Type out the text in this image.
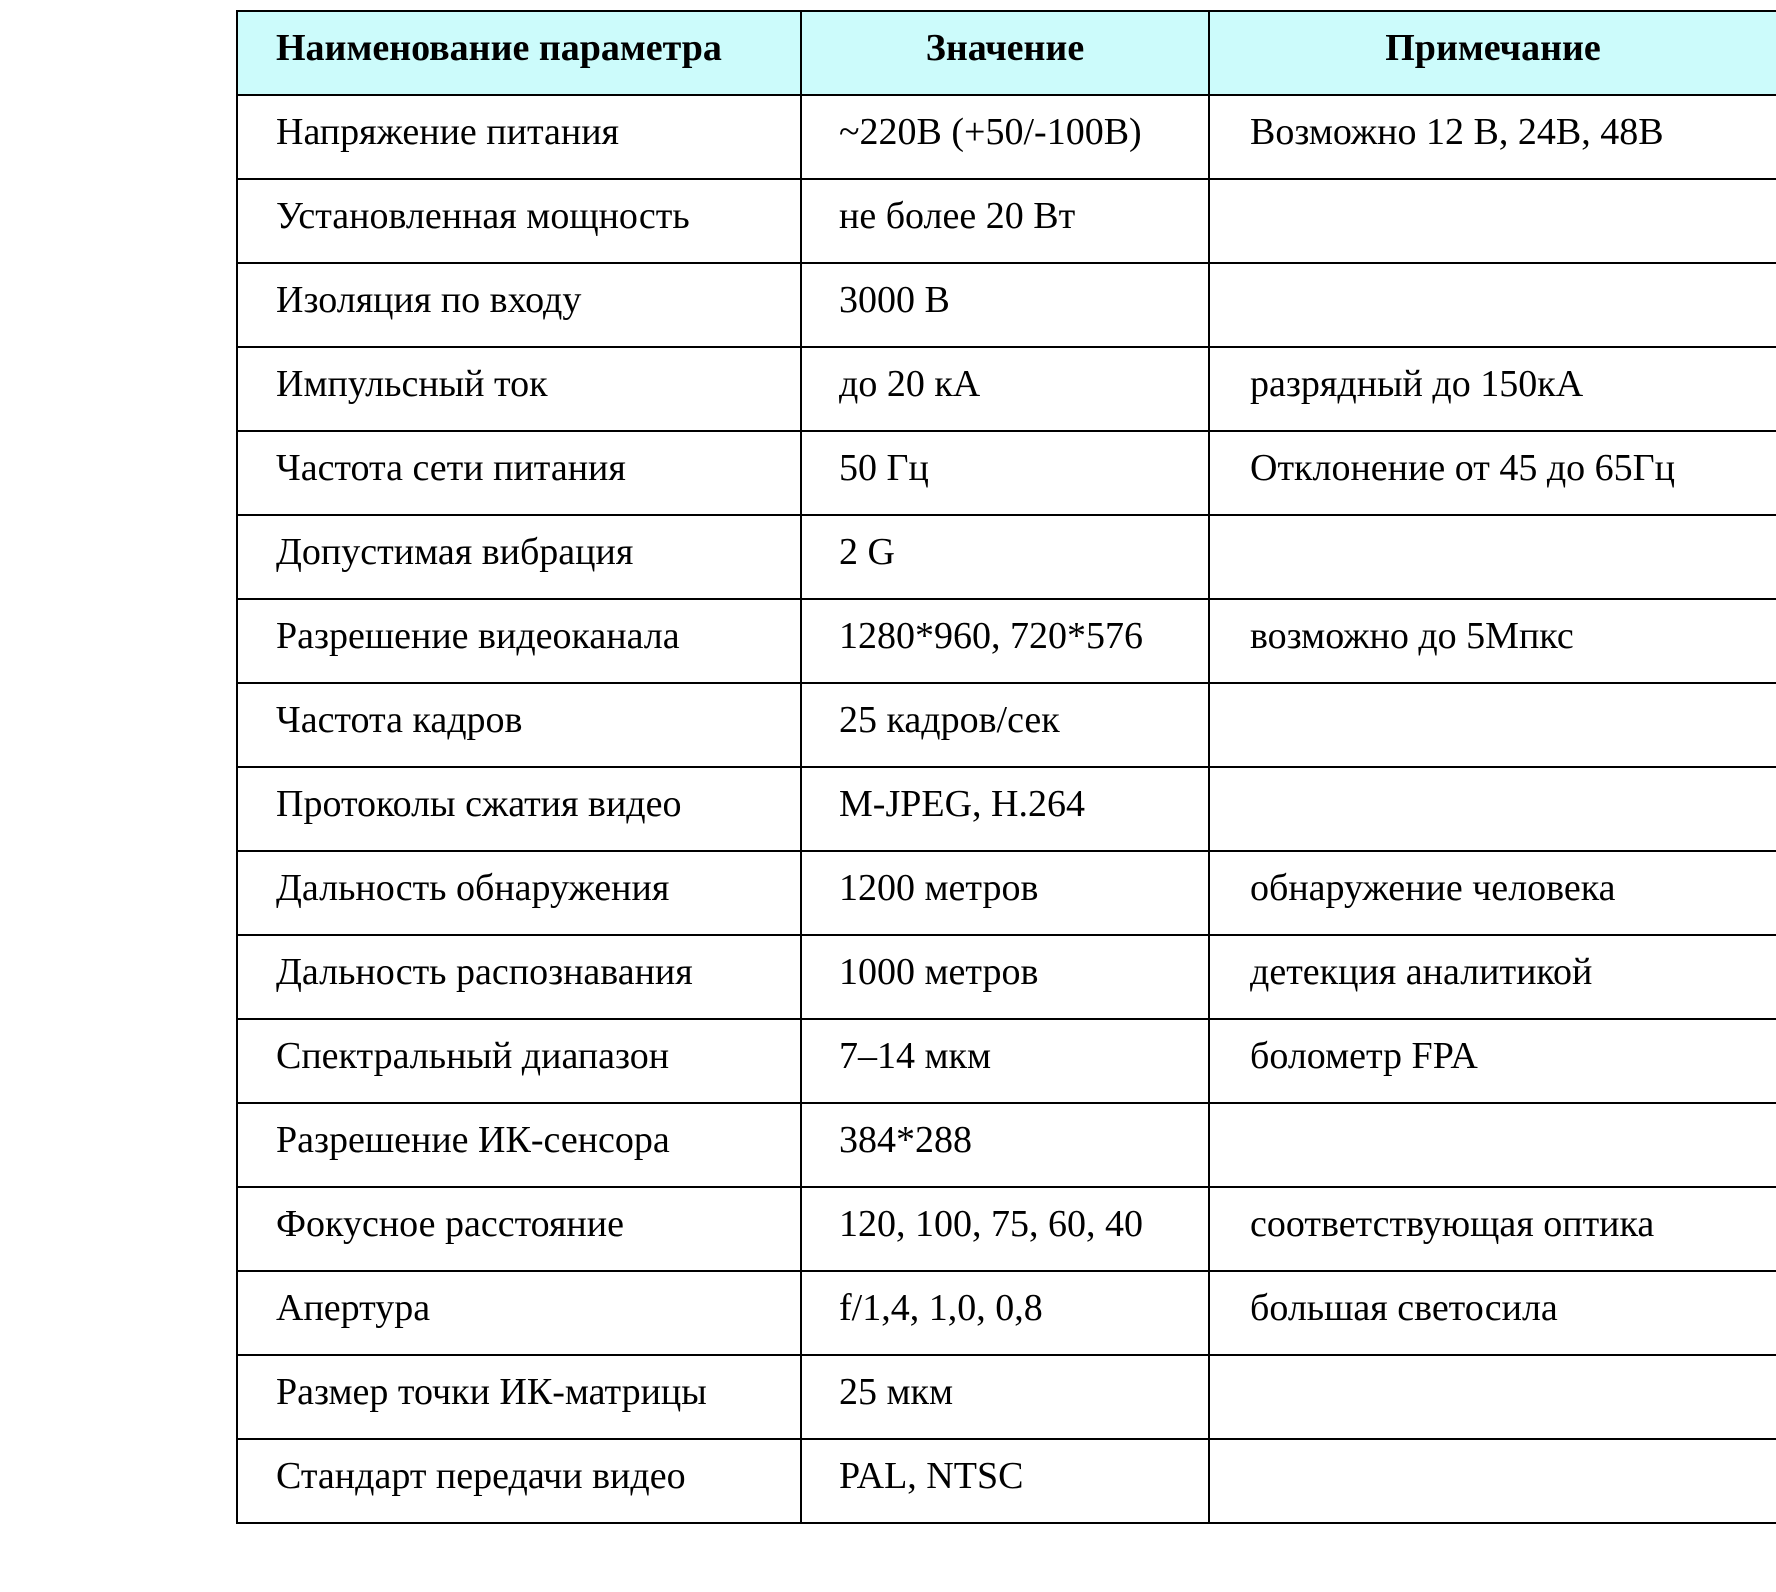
Наименование параметра	Значение	Примечание
Напряжение питания	~220В (+50/-100В)	Возможно 12 В, 24В, 48В
Установленная мощность	не более 20 Вт	
Изоляция по входу	3000 В	
Импульсный ток	до 20 кА	разрядный до 150кА
Частота сети питания	50 Гц	Отклонение от 45 до 65Гц
Допустимая вибрация	2 G	
Разрешение видеоканала	1280*960, 720*576	возможно до 5Мпкс
Частота кадров	25 кадров/сек	
Протоколы сжатия видео	M-JPEG, H.264	
Дальность обнаружения	1200 метров	обнаружение человека
Дальность распознавания	1000 метров	детекция аналитикой
Спектральный диапазон	7–14 мкм	болометр FPA
Разрешение ИК-сенсора	384*288	
Фокусное расстояние	120, 100, 75, 60, 40	соответствующая оптика
Апертура	f/1,4, 1,0, 0,8	большая светосила
Размер точки ИК-матрицы	25 мкм	
Стандарт передачи видео	PAL, NTSC	
